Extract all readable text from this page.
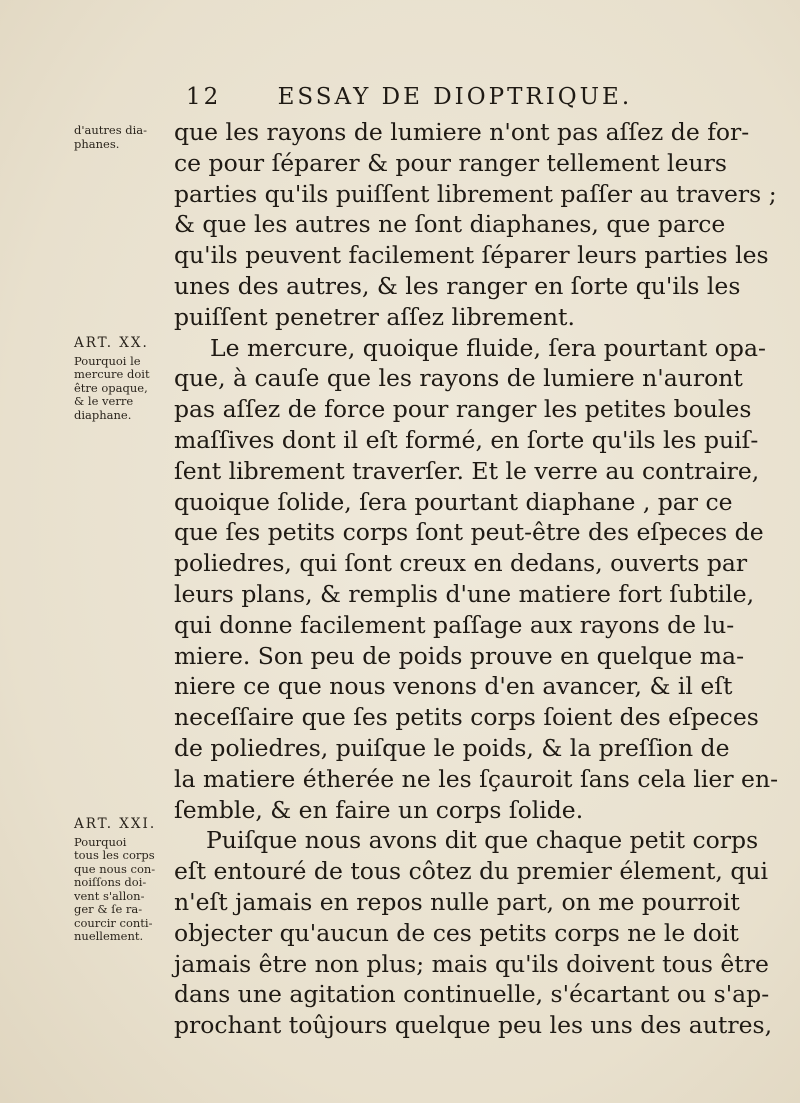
12 ESSAY DE DIOPTRIQUE.
d'autres dia-
phanes.
ART. XX.
Pourquoi le
mercure doit
être opaque,
& le verre
diaphane.
ART. XXI.
Pourquoi
tous les corps
que nous con-
noiſſons doi-
vent s'allon-
ger & ſe ra-
courcir conti-
nuellement.
que les rayons de lumiere n'ont pas aſſez de for-
ce pour ſéparer & pour ranger tellement leurs
parties qu'ils puiſſent librement paſſer au travers ;
& que les autres ne ſont diaphanes, que parce
qu'ils peuvent facilement ſéparer leurs parties les
unes des autres, & les ranger en ſorte qu'ils les
puiſſent penetrer aſſez librement.
Le mercure, quoique fluide, ſera pourtant opa-
que, à cauſe que les rayons de lumiere n'auront
pas aſſez de force pour ranger les petites boules
maſſives dont il eſt formé, en ſorte qu'ils les puiſ-
ſent librement traverſer. Et le verre au contraire,
quoique ſolide, ſera pourtant diaphane , par ce
que ſes petits corps ſont peut-être des eſpeces de
poliedres, qui ſont creux en dedans, ouverts par
leurs plans, & remplis d'une matiere fort ſubtile,
qui donne facilement paſſage aux rayons de lu-
miere. Son peu de poids prouve en quelque ma-
niere ce que nous venons d'en avancer, & il eſt
neceſſaire que ſes petits corps ſoient des eſpeces
de poliedres, puiſque le poids, & la preſſion de
la matiere étherée ne les ſçauroit ſans cela lier en-
ſemble, & en faire un corps ſolide.
Puiſque nous avons dit que chaque petit corps
eſt entouré de tous côtez du premier élement, qui
n'eſt jamais en repos nulle part, on me pourroit
objecter qu'aucun de ces petits corps ne le doit
jamais être non plus; mais qu'ils doivent tous être
dans une agitation continuelle, s'écartant ou s'ap-
prochant toûjours quelque peu les uns des autres,
